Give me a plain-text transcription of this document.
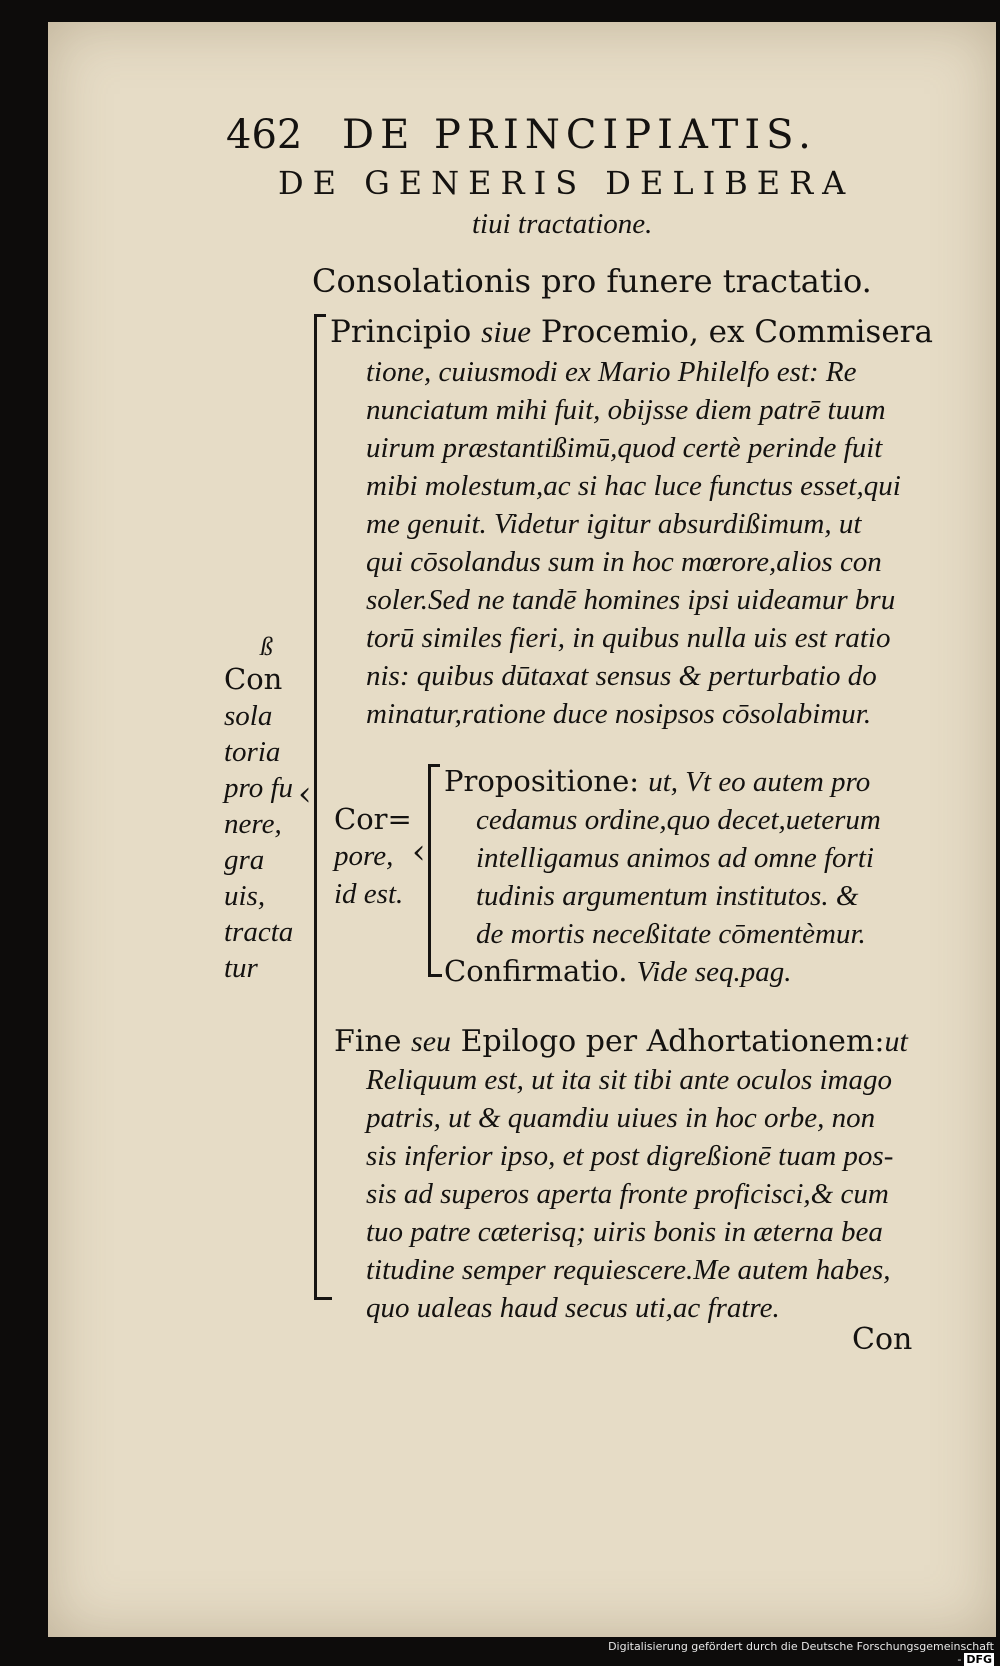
462 DE PRINCIPIATIS.
DE GENERIS DELIBERA
tiui tractatione.
Consolationis pro funere tractatio.
ß
Con
sola
toria
pro fu
nere,
gra
uis,
tracta
tur
‹
Principio siue Procemio, ex Commisera
tione, cuiusmodi ex Mario Philelfo est: Re
nunciatum mihi fuit, obijsse diem patrē tuum
uirum præstantißimū,quod certè perinde fuit
mibi molestum,ac si hac luce functus esset,qui
me genuit. Videtur igitur absurdißimum, ut
qui cōsolandus sum in hoc mœrore,alios con
soler.Sed ne tandē homines ipsi uideamur bru
torū similes fieri, in quibus nulla uis est ratio
nis: quibus dūtaxat sensus & perturbatio do
minatur,ratione duce nosipsos cōsolabimur.
Cor=
pore,
id est.
‹
Propositione: ut, Vt eo autem pro
cedamus ordine,quo decet,ueterum
intelligamus animos ad omne forti
tudinis argumentum institutos. &
de mortis neceßitate cōmentèmur.
Confirmatio. Vide seq.pag.
Fine seu Epilogo per Adhortationem:ut
Reliquum est, ut ita sit tibi ante oculos imago
patris, ut & quamdiu uiues in hoc orbe, non
sis inferior ipso, et post digreßionē tuam pos-
sis ad superos aperta fronte proficisci,& cum
tuo patre cæterisq; uiris bonis in æterna bea
titudine semper requiescere.Me autem habes,
quo ualeas haud secus uti,ac fratre.
Con
Digitalisierung gefördert durch die Deutsche Forschungsgemeinschaft - DFG
